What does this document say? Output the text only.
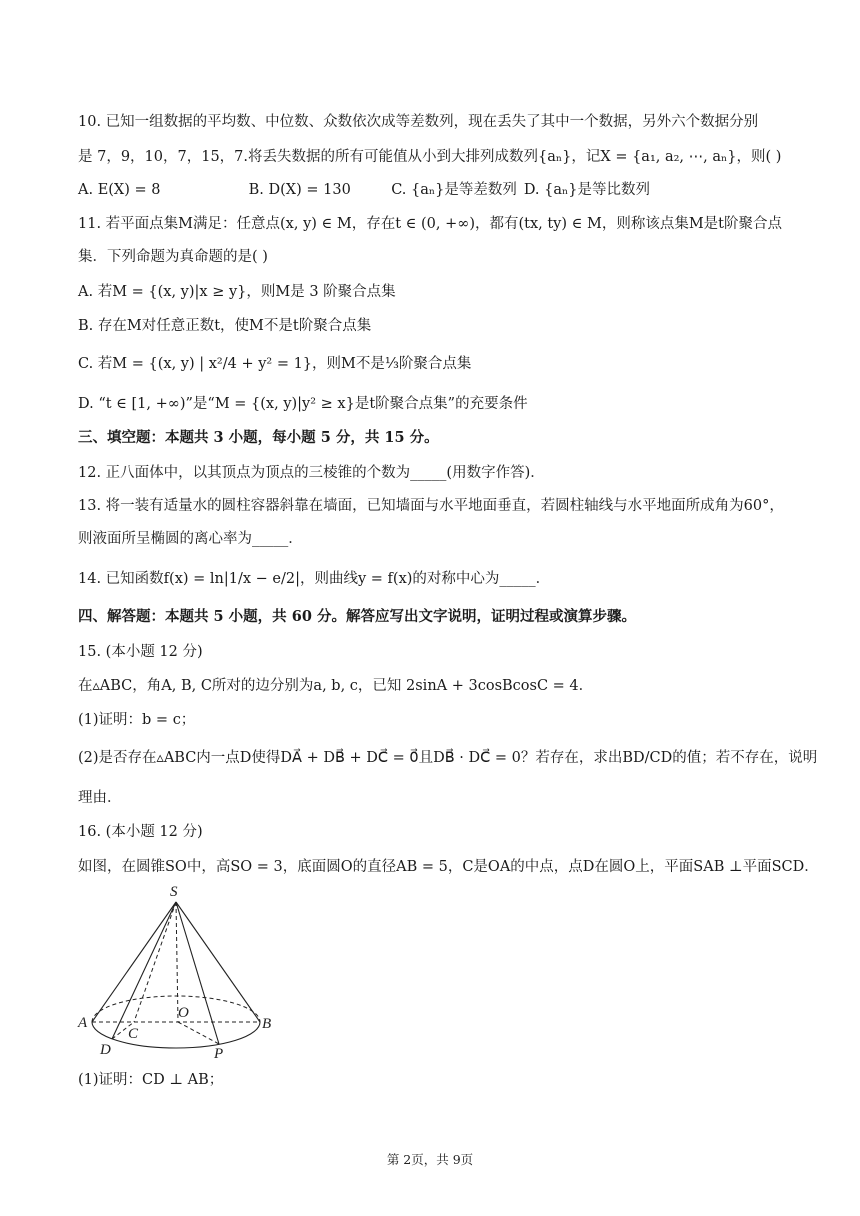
10. 已知一组数据的平均数、中位数、众数依次成等差数列，现在丢失了其中一个数据，另外六个数据分别
是 7，9，10，7，15，7.将丢失数据的所有可能值从小到大排列成数列{aₙ}，记X = {a₁, a₂, ⋯, aₙ}，则( )
A. E(X) = 8	B. D(X) = 130	C. {aₙ}是等差数列 D. {aₙ}是等比数列
11. 若平面点集M满足：任意点(x, y) ∈ M，存在t ∈ (0, +∞)，都有(tx, ty) ∈ M，则称该点集M是t阶聚合点
集．下列命题为真命题的是( )
A. 若M = {(x, y)|x ≥ y}，则M是 3 阶聚合点集
B. 存在M对任意正数t，使M不是t阶聚合点集
C. 若M = {(x, y) | x²/4 + y² = 1}，则M不是⅓阶聚合点集
D. “t ∈ [1, +∞)”是“M = {(x, y)|y² ≥ x}是t阶聚合点集”的充要条件
三、填空题：本题共 3 小题，每小题 5 分，共 15 分。
12. 正八面体中，以其顶点为顶点的三棱锥的个数为_____(用数字作答)．
13. 将一装有适量水的圆柱容器斜靠在墙面，已知墙面与水平地面垂直，若圆柱轴线与水平地面所成角为60°，
则液面所呈椭圆的离心率为_____．
14. 已知函数f(x) = ln|1/x − e/2|，则曲线y = f(x)的对称中心为_____．
四、解答题：本题共 5 小题，共 60 分。解答应写出文字说明，证明过程或演算步骤。
15. (本小题 12 分)
在▵ABC，角A, B, C所对的边分别为a, b, c，已知 2sinA + 3cosBcosC = 4．
(1)证明：b = c；
(2)是否存在▵ABC内一点D使得DA⃗ + DB⃗ + DC⃗ = 0⃗且DB⃗ · DC⃗ = 0？若存在，求出BD/CD的值；若不存在，说明
理由．
16. (本小题 12 分)
如图，在圆锥SO中，高SO = 3，底面圆O的直径AB = 5，C是OA的中点，点D在圆O上，平面SAB ⊥平面SCD．
S
A	B
O
C
D	P
(1)证明：CD ⊥ AB；
第 2页，共 9页
